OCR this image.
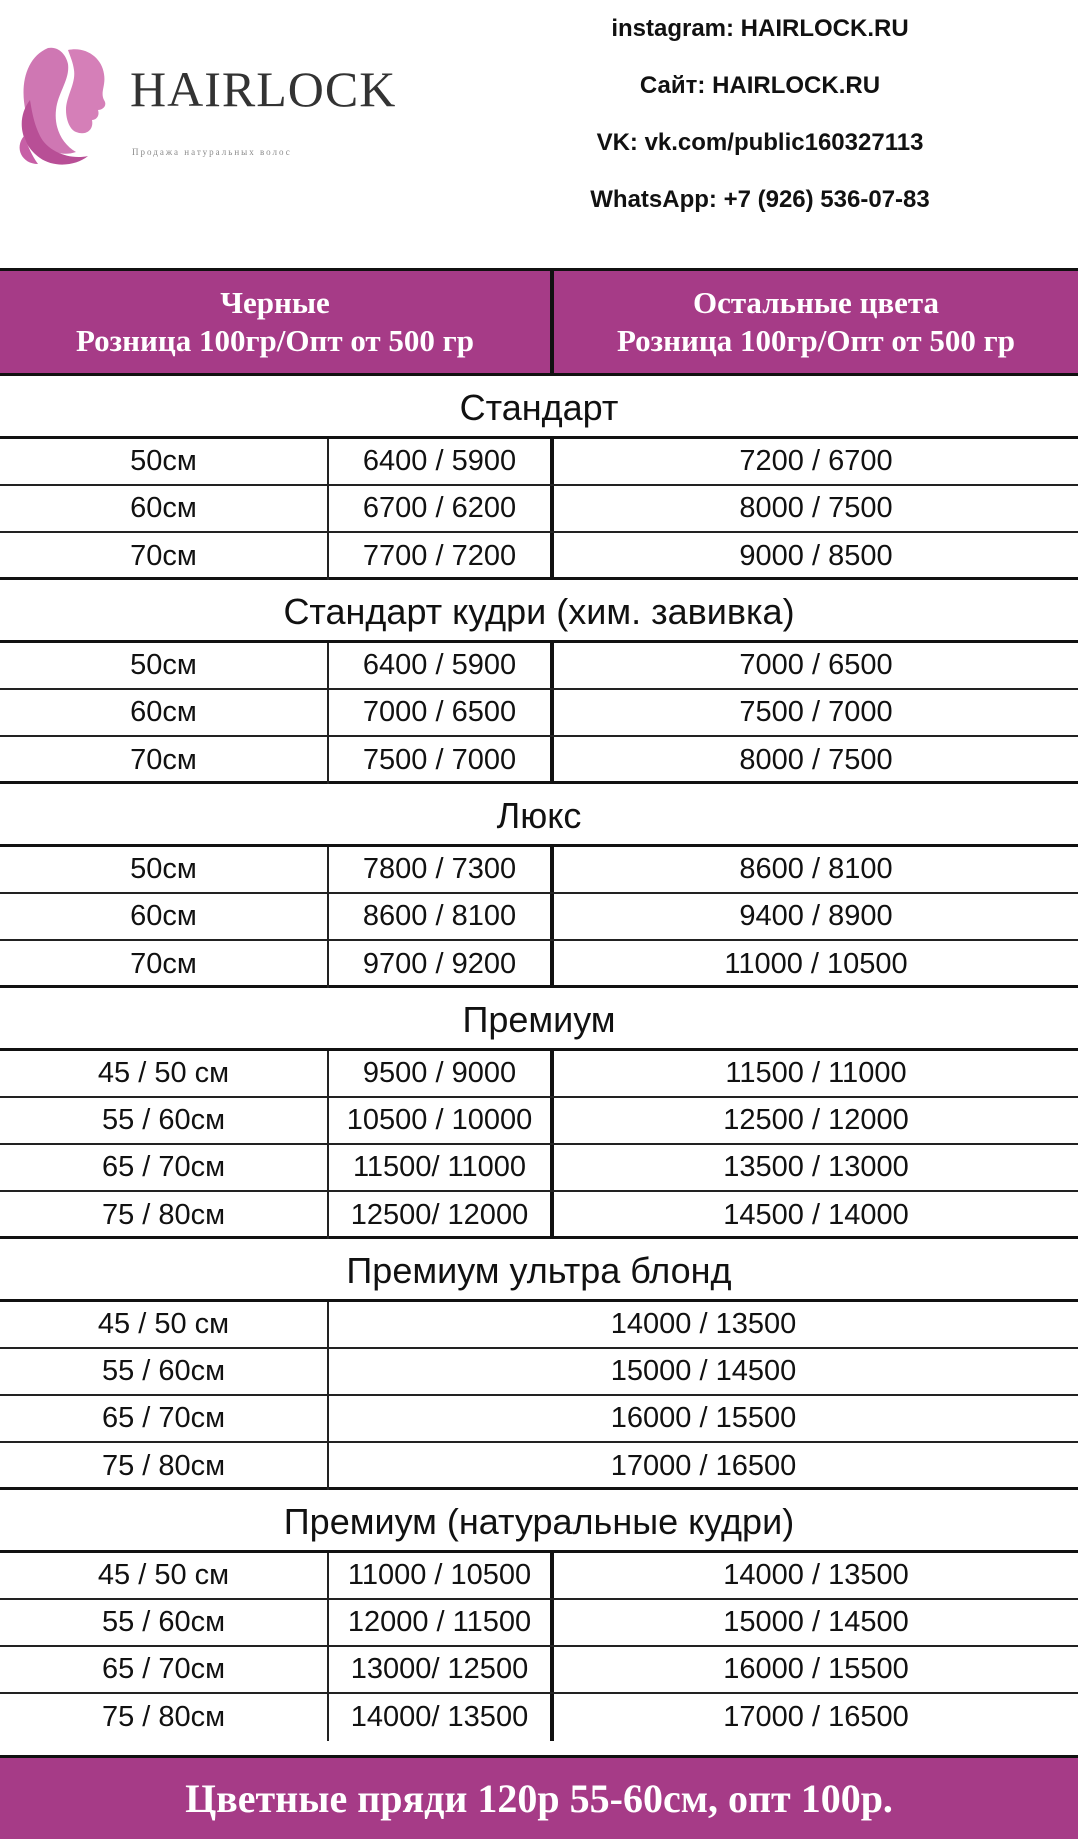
HAIRLOCK
Продажа натуральных волос
instagram: HAIRLOCK.RU
Сайт: HAIRLOCK.RU
VK: vk.com/public160327113
WhatsApp: +7 (926) 536-07-83
Черные
Розница 100гр/Опт от 500 гр
Остальные цвета
Розница 100гр/Опт от 500 гр
Стандарт
50см	6400 / 5900	7200 / 6700
60см	6700 / 6200	8000 / 7500
70см	7700 / 7200	9000 / 8500
Стандарт кудри (хим. завивка)
50см	6400 / 5900	7000 / 6500
60см	7000 / 6500	7500 / 7000
70см	7500 / 7000	8000 / 7500
Люкс
50см	7800 / 7300	8600 / 8100
60см	8600 / 8100	9400 / 8900
70см	9700 / 9200	11000 / 10500
Премиум
45 / 50 см	9500 / 9000	11500 / 11000
55 / 60см	10500 / 10000	12500 / 12000
65 / 70см	11500/ 11000	13500 / 13000
75 / 80см	12500/ 12000	14500 / 14000
Премиум ультра блонд
45 / 50 см	14000 / 13500
55 / 60см	15000 / 14500
65 / 70см	16000 / 15500
75 / 80см	17000 / 16500
Премиум (натуральные кудри)
45 / 50 см	11000 / 10500	14000 / 13500
55 / 60см	12000 / 11500	15000 / 14500
65 / 70см	13000/ 12500	16000 / 15500
75 / 80см	14000/ 13500	17000 / 16500
Цветные пряди 120р 55-60см, опт 100р.
